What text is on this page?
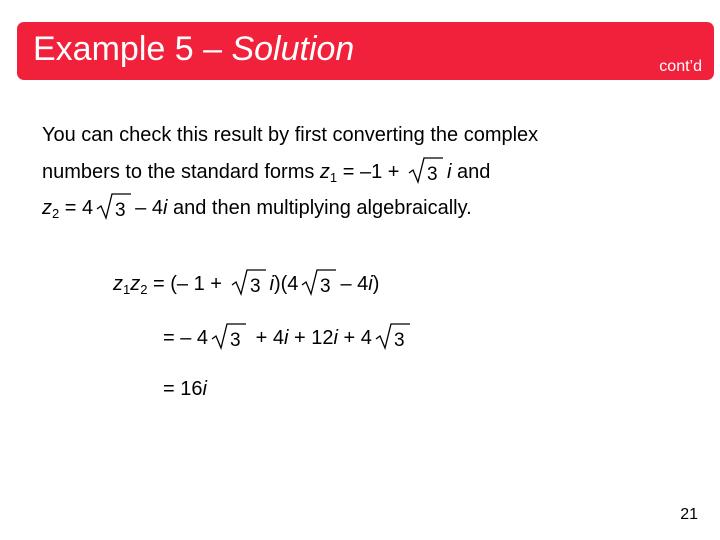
Example 5 – Solution	cont’d
You can check this result by first converting the complex
numbers to the standard forms $z_1 = -1 + 3$ i and
$z_2 = 4$ 3 – 4i and then multiplying algebraically.
$z_1z_2$ = (– 1 + 3 i)(4 3 – 4i)
= – 4 3 + 4i + 12i + 4 3
= 16i
21
